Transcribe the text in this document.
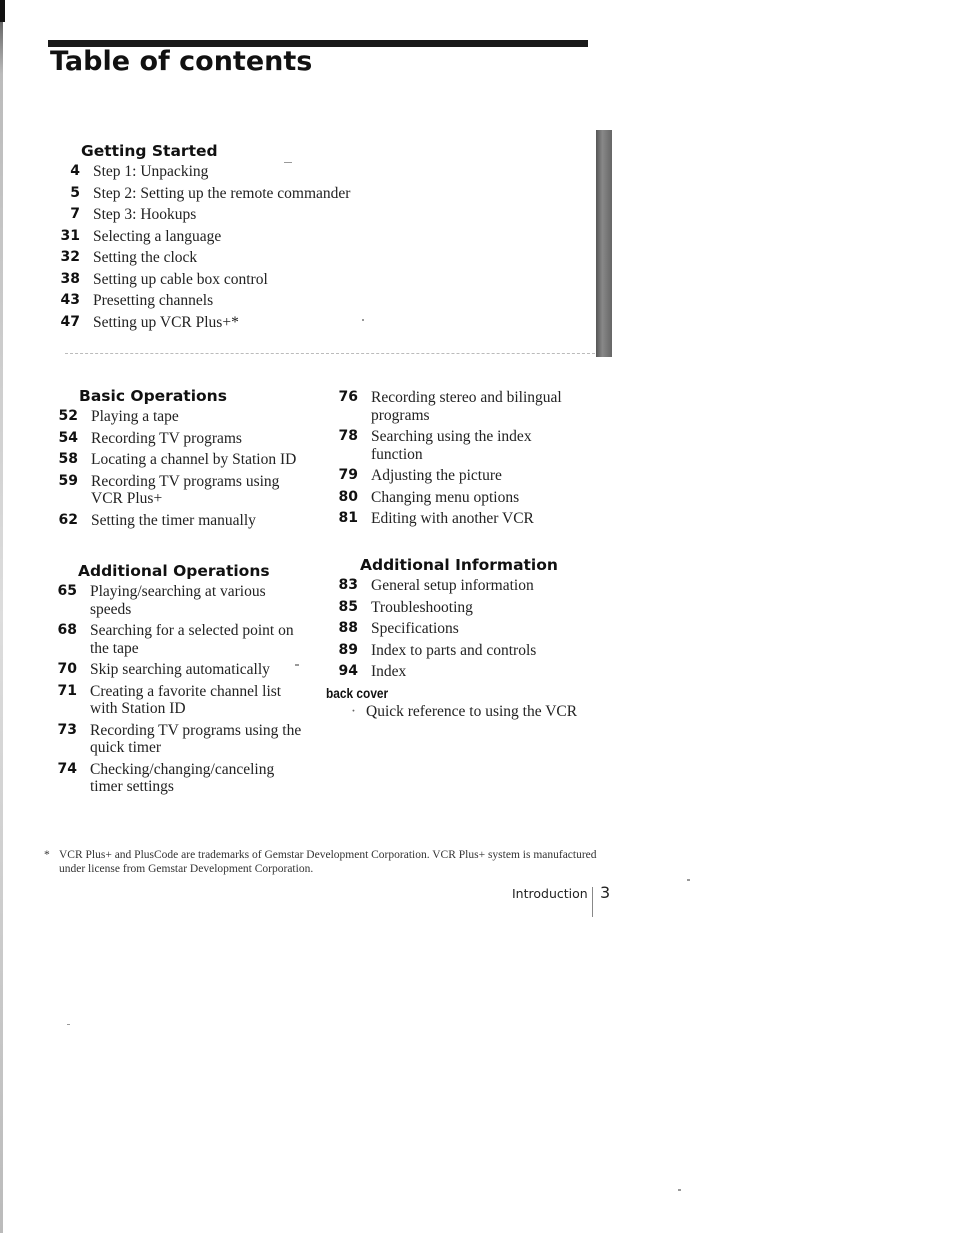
Table of contents
Getting Started
4 Step 1: Unpacking
5 Step 2: Setting up the remote commander
7 Step 3: Hookups
31 Selecting a language
32 Setting the clock
38 Setting up cable box control
43 Presetting channels
47 Setting up VCR Plus+*
Basic Operations
52 Playing a tape
54 Recording TV programs
58 Locating a channel by Station ID
59 Recording TV programs using VCR Plus+
62 Setting the timer manually
76 Recording stereo and bilingual programs
78 Searching using the index function
79 Adjusting the picture
80 Changing menu options
81 Editing with another VCR
Additional Operations
65 Playing/searching at various speeds
68 Searching for a selected point on the tape
70 Skip searching automatically
71 Creating a favorite channel list with Station ID
73 Recording TV programs using the quick timer
74 Checking/changing/canceling timer settings
Additional Information
83 General setup information
85 Troubleshooting
88 Specifications
89 Index to parts and controls
94 Index
back cover
· Quick reference to using the VCR
* VCR Plus+ and PlusCode are trademarks of Gemstar Development Corporation. VCR Plus+ system is manufactured under license from Gemstar Development Corporation.
Introduction 3
